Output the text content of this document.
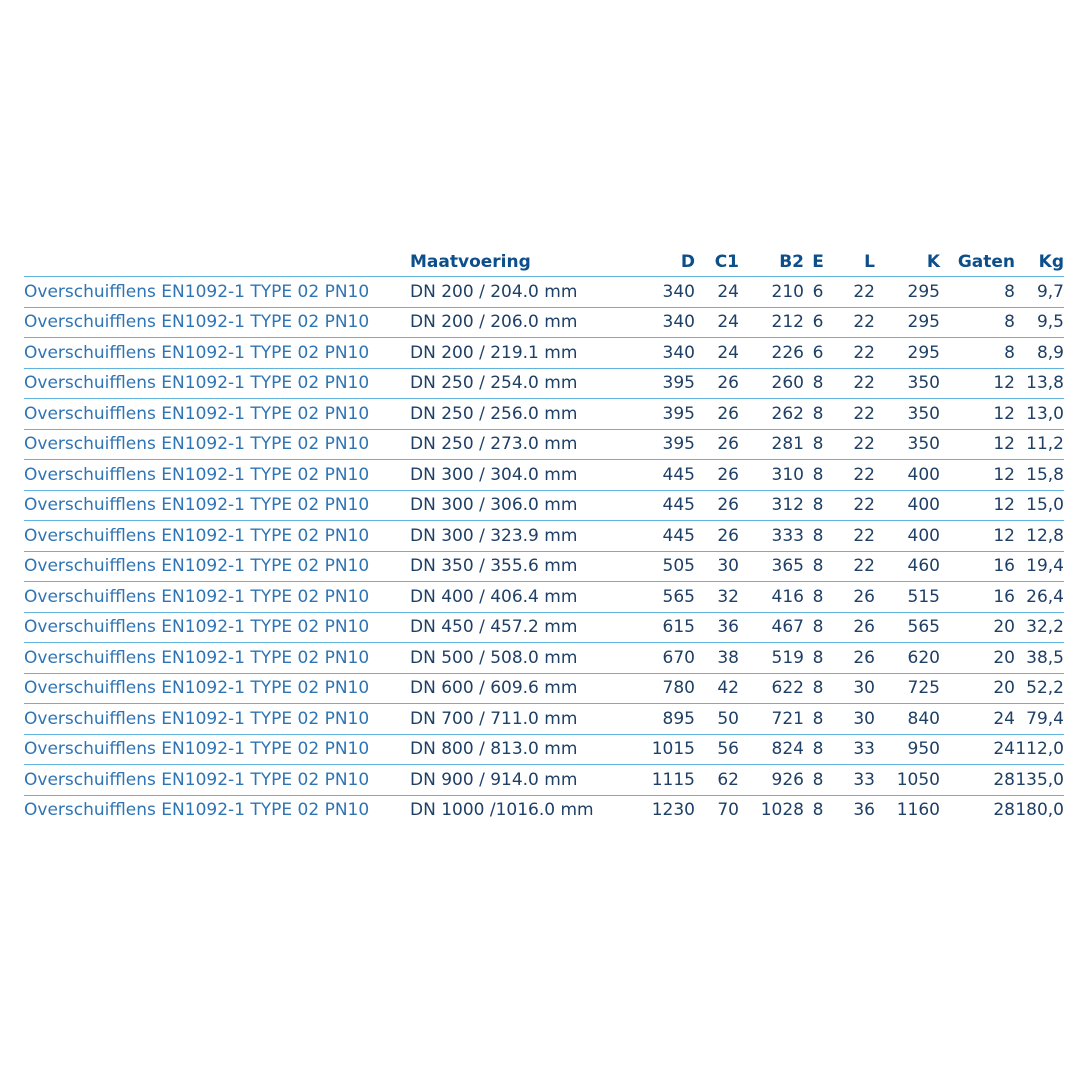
	Maatvoering	D	C1	B2	E	L	K	Gaten	Kg
Overschuifflens EN1092-1 TYPE 02 PN10	DN 200 / 204.0 mm	340	24	210	6	22	295	8	9,7
Overschuifflens EN1092-1 TYPE 02 PN10	DN 200 / 206.0 mm	340	24	212	6	22	295	8	9,5
Overschuifflens EN1092-1 TYPE 02 PN10	DN 200 / 219.1 mm	340	24	226	6	22	295	8	8,9
Overschuifflens EN1092-1 TYPE 02 PN10	DN 250 / 254.0 mm	395	26	260	8	22	350	12	13,8
Overschuifflens EN1092-1 TYPE 02 PN10	DN 250 / 256.0 mm	395	26	262	8	22	350	12	13,0
Overschuifflens EN1092-1 TYPE 02 PN10	DN 250 / 273.0 mm	395	26	281	8	22	350	12	11,2
Overschuifflens EN1092-1 TYPE 02 PN10	DN 300 / 304.0 mm	445	26	310	8	22	400	12	15,8
Overschuifflens EN1092-1 TYPE 02 PN10	DN 300 / 306.0 mm	445	26	312	8	22	400	12	15,0
Overschuifflens EN1092-1 TYPE 02 PN10	DN 300 / 323.9 mm	445	26	333	8	22	400	12	12,8
Overschuifflens EN1092-1 TYPE 02 PN10	DN 350 / 355.6 mm	505	30	365	8	22	460	16	19,4
Overschuifflens EN1092-1 TYPE 02 PN10	DN 400 / 406.4 mm	565	32	416	8	26	515	16	26,4
Overschuifflens EN1092-1 TYPE 02 PN10	DN 450 / 457.2 mm	615	36	467	8	26	565	20	32,2
Overschuifflens EN1092-1 TYPE 02 PN10	DN 500 / 508.0 mm	670	38	519	8	26	620	20	38,5
Overschuifflens EN1092-1 TYPE 02 PN10	DN 600 / 609.6 mm	780	42	622	8	30	725	20	52,2
Overschuifflens EN1092-1 TYPE 02 PN10	DN 700 / 711.0 mm	895	50	721	8	30	840	24	79,4
Overschuifflens EN1092-1 TYPE 02 PN10	DN 800 / 813.0 mm	1015	56	824	8	33	950	24	112,0
Overschuifflens EN1092-1 TYPE 02 PN10	DN 900 / 914.0 mm	1115	62	926	8	33	1050	28	135,0
Overschuifflens EN1092-1 TYPE 02 PN10	DN 1000 /1016.0 mm	1230	70	1028	8	36	1160	28	180,0
